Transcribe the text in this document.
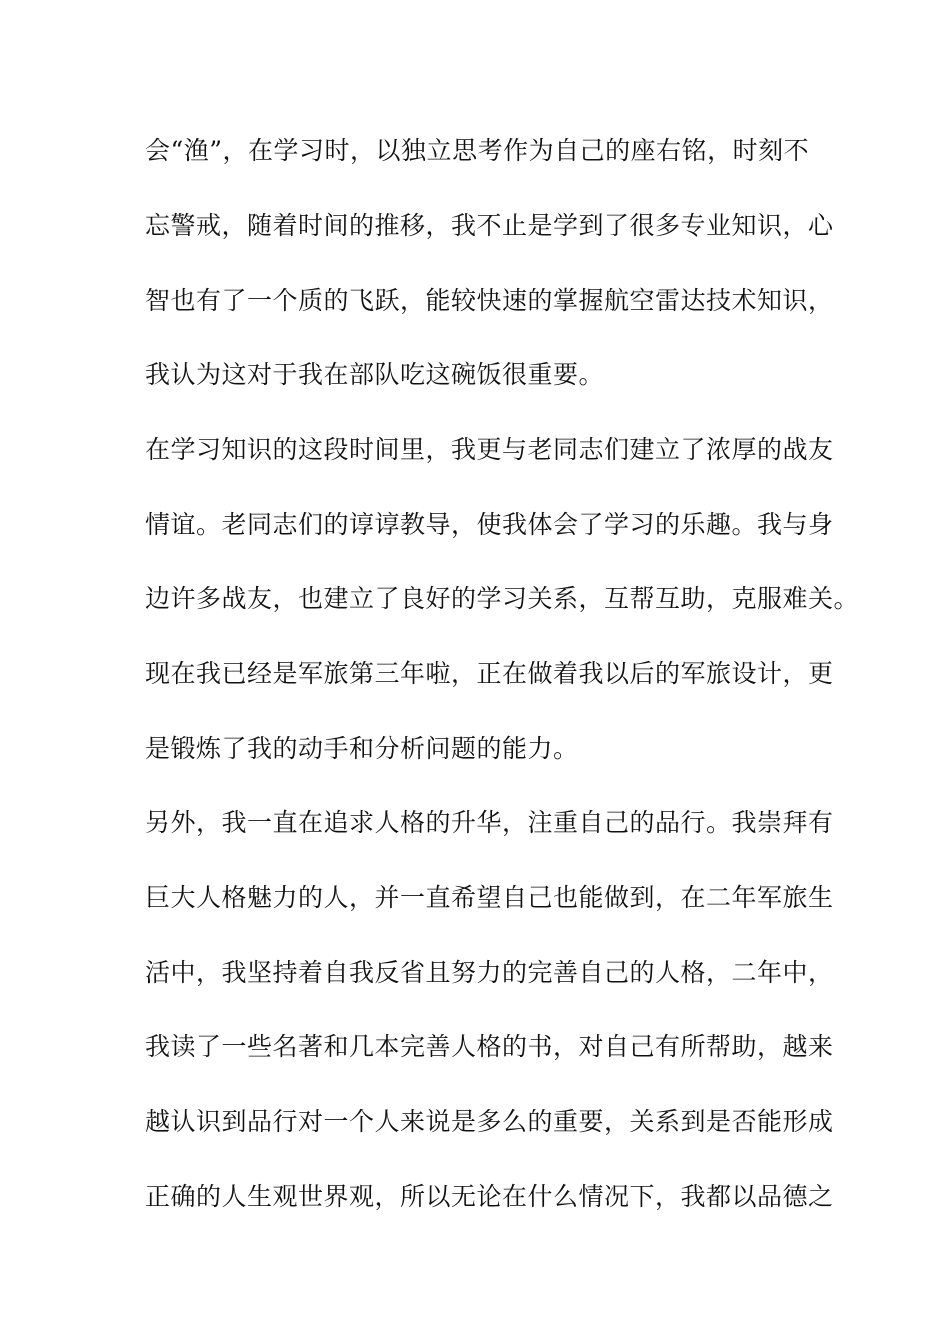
会“渔”，在学习时，以独立思考作为自己的座右铭，时刻不
忘警戒，随着时间的推移，我不止是学到了很多专业知识，心
智也有了一个质的飞跃，能较快速的掌握航空雷达技术知识，
我认为这对于我在部队吃这碗饭很重要。
在学习知识的这段时间里，我更与老同志们建立了浓厚的战友
情谊。老同志们的谆谆教导，使我体会了学习的乐趣。我与身
边许多战友，也建立了良好的学习关系，互帮互助，克服难关。
现在我已经是军旅第三年啦，正在做着我以后的军旅设计，更
是锻炼了我的动手和分析问题的能力。
另外，我一直在追求人格的升华，注重自己的品行。我崇拜有
巨大人格魅力的人，并一直希望自己也能做到，在二年军旅生
活中，我坚持着自我反省且努力的完善自己的人格，二年中，
我读了一些名著和几本完善人格的书，对自己有所帮助，越来
越认识到品行对一个人来说是多么的重要，关系到是否能形成
正确的人生观世界观，所以无论在什么情况下，我都以品德之
